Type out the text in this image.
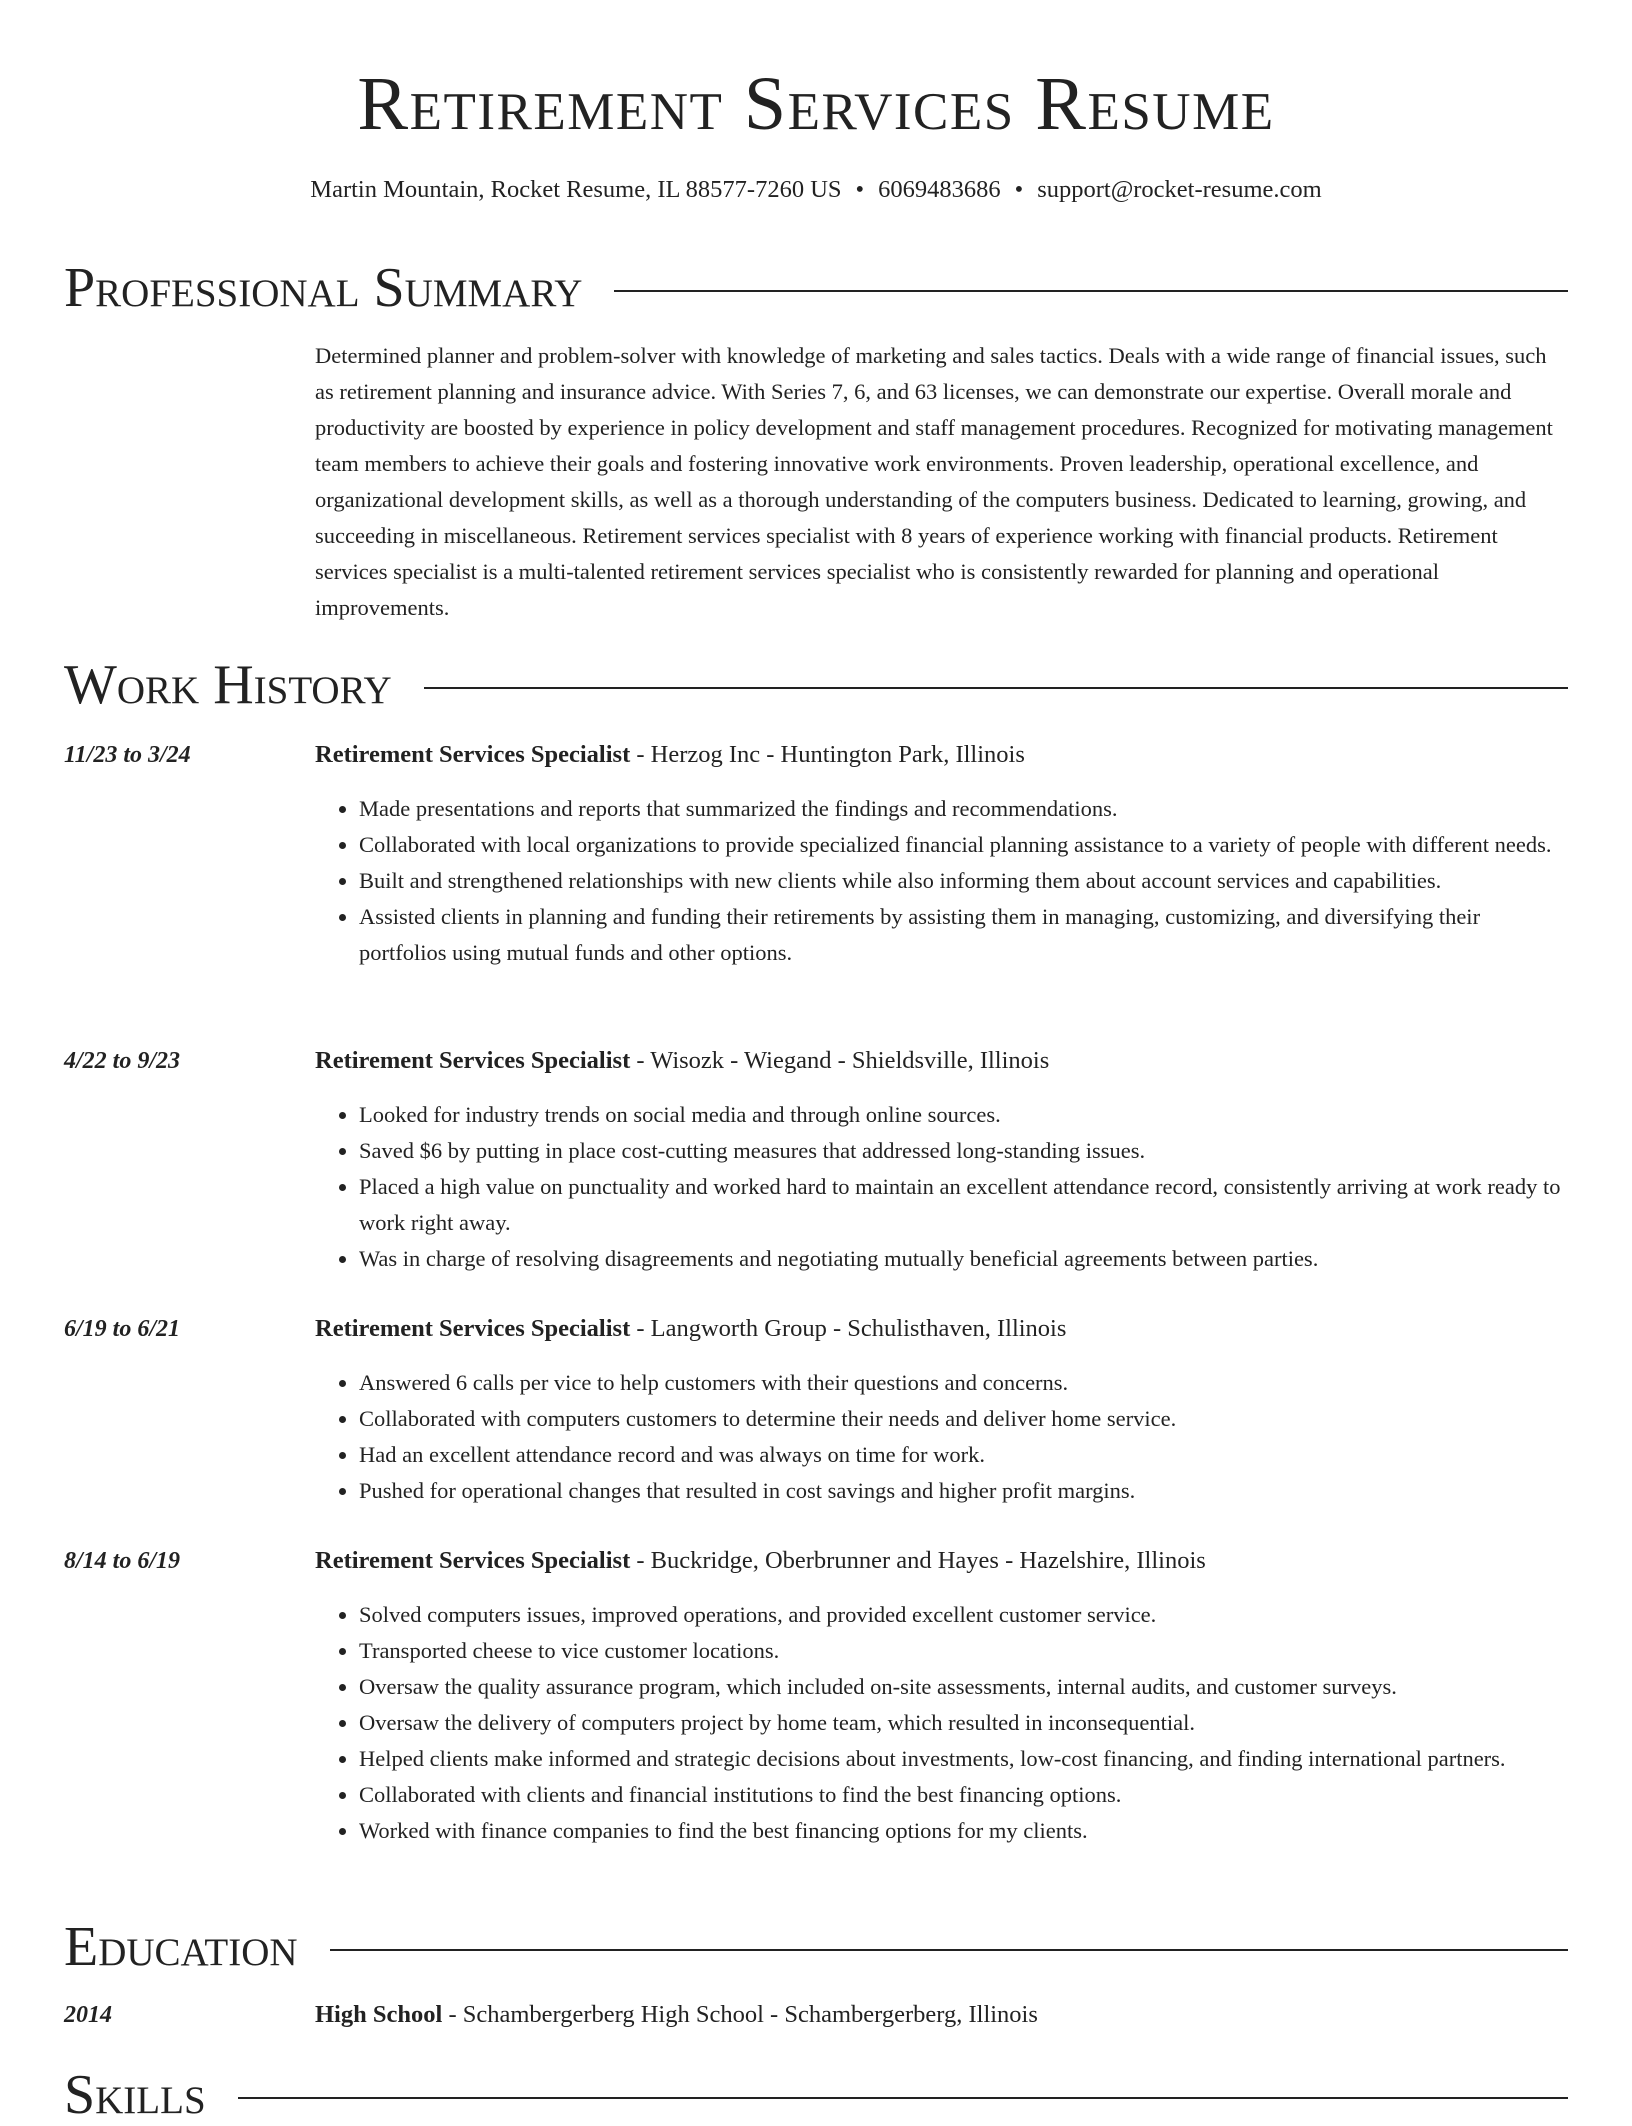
Retirement Services Resume
Martin Mountain, Rocket Resume, IL 88577-7260 US • 6069483686 • support@rocket-resume.com
Professional Summary

Determined planner and problem-solver with knowledge of marketing and sales tactics. Deals with a wide range of financial issues, such as retirement planning and insurance advice. With Series 7, 6, and 63 licenses, we can demonstrate our expertise. Overall morale and productivity are boosted by experience in policy development and staff management procedures. Recognized for motivating management team members to achieve their goals and fostering innovative work environments. Proven leadership, operational excellence, and organizational development skills, as well as a thorough understanding of the computers business. Dedicated to learning, growing, and succeeding in miscellaneous. Retirement services specialist with 8 years of experience working with financial products. Retirement services specialist is a multi-talented retirement services specialist who is consistently rewarded for planning and operational improvements.

Work History
11/23 to 3/24	Retirement Services Specialist - Herzog Inc - Huntington Park, Illinois
• Made presentations and reports that summarized the findings and recommendations.
• Collaborated with local organizations to provide specialized financial planning assistance to a variety of people with different needs.
• Built and strengthened relationships with new clients while also informing them about account services and capabilities.
• Assisted clients in planning and funding their retirements by assisting them in managing, customizing, and diversifying their portfolios using mutual funds and other options.
4/22 to 9/23	Retirement Services Specialist - Wisozk - Wiegand - Shieldsville, Illinois
• Looked for industry trends on social media and through online sources.
• Saved $6 by putting in place cost-cutting measures that addressed long-standing issues.
• Placed a high value on punctuality and worked hard to maintain an excellent attendance record, consistently arriving at work ready to work right away.
• Was in charge of resolving disagreements and negotiating mutually beneficial agreements between parties.
6/19 to 6/21	Retirement Services Specialist - Langworth Group - Schulisthaven, Illinois
• Answered 6 calls per vice to help customers with their questions and concerns.
• Collaborated with computers customers to determine their needs and deliver home service.
• Had an excellent attendance record and was always on time for work.
• Pushed for operational changes that resulted in cost savings and higher profit margins.
8/14 to 6/19	Retirement Services Specialist - Buckridge, Oberbrunner and Hayes - Hazelshire, Illinois
• Solved computers issues, improved operations, and provided excellent customer service.
• Transported cheese to vice customer locations.
• Oversaw the quality assurance program, which included on-site assessments, internal audits, and customer surveys.
• Oversaw the delivery of computers project by home team, which resulted in inconsequential.
• Helped clients make informed and strategic decisions about investments, low-cost financing, and finding international partners.
• Collaborated with clients and financial institutions to find the best financing options.
• Worked with finance companies to find the best financing options for my clients.
Education
2014	High School - Schambergerberg High School - Schambergerberg, Illinois
Skills
